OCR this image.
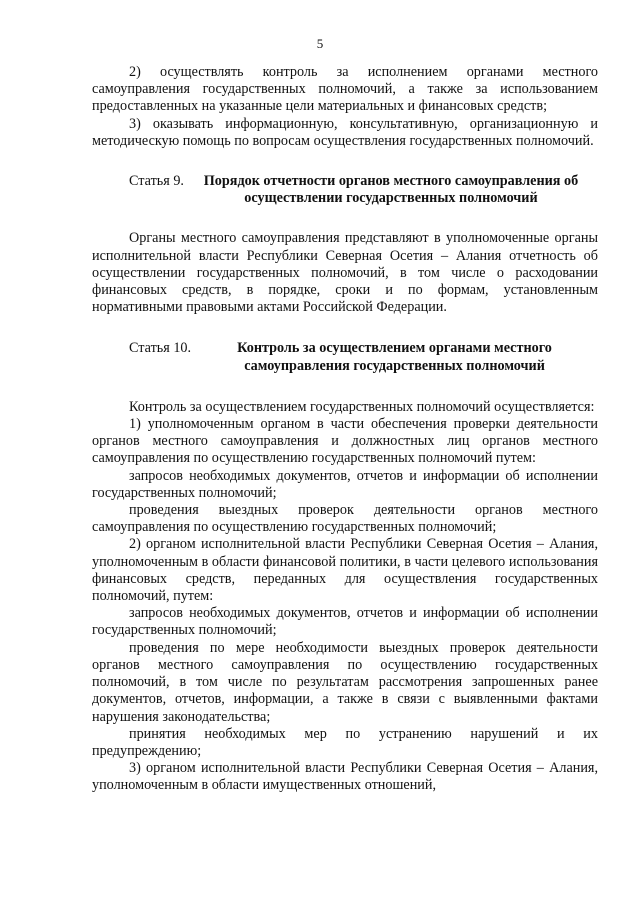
5

2) осуществлять контроль за исполнением органами местного самоуправления государственных полномочий, а также за использованием предоставленных на указанные цели материальных и финансовых средств;

3) оказывать информационную, консультативную, организационную и методическую помощь по вопросам осуществления государственных полномочий.

Статья 9.	Порядок отчетности органов местного самоуправления об осуществлении государственных полномочий

Органы местного самоуправления представляют в уполномоченные органы исполнительной власти Республики Северная Осетия – Алания отчетность об осуществлении государственных полномочий, в том числе о расходовании финансовых средств, в порядке, сроки и по формам, установленным нормативными правовыми актами Российской Федерации.

Статья 10.	Контроль за осуществлением органами местного самоуправления государственных полномочий

Контроль за осуществлением государственных полномочий осуществляется:

1) уполномоченным органом в части обеспечения проверки деятельности органов местного самоуправления и должностных лиц органов местного самоуправления по осуществлению государственных полномочий путем:

запросов необходимых документов, отчетов и информации об исполнении государственных полномочий;

проведения выездных проверок деятельности органов местного самоуправления по осуществлению государственных полномочий;

2) органом исполнительной власти Республики Северная Осетия – Алания, уполномоченным в области финансовой политики, в части целевого использования финансовых средств, переданных для осуществления государственных полномочий, путем:

запросов необходимых документов, отчетов и информации об исполнении государственных полномочий;

проведения по мере необходимости выездных проверок деятельности органов местного самоуправления по осуществлению государственных полномочий, в том числе по результатам рассмотрения запрошенных ранее документов, отчетов, информации, а также в связи с выявленными фактами нарушения законодательства;

принятия необходимых мер по устранению нарушений и их предупреждению;

3) органом исполнительной власти Республики Северная Осетия – Алания, уполномоченным в области имущественных отношений,
